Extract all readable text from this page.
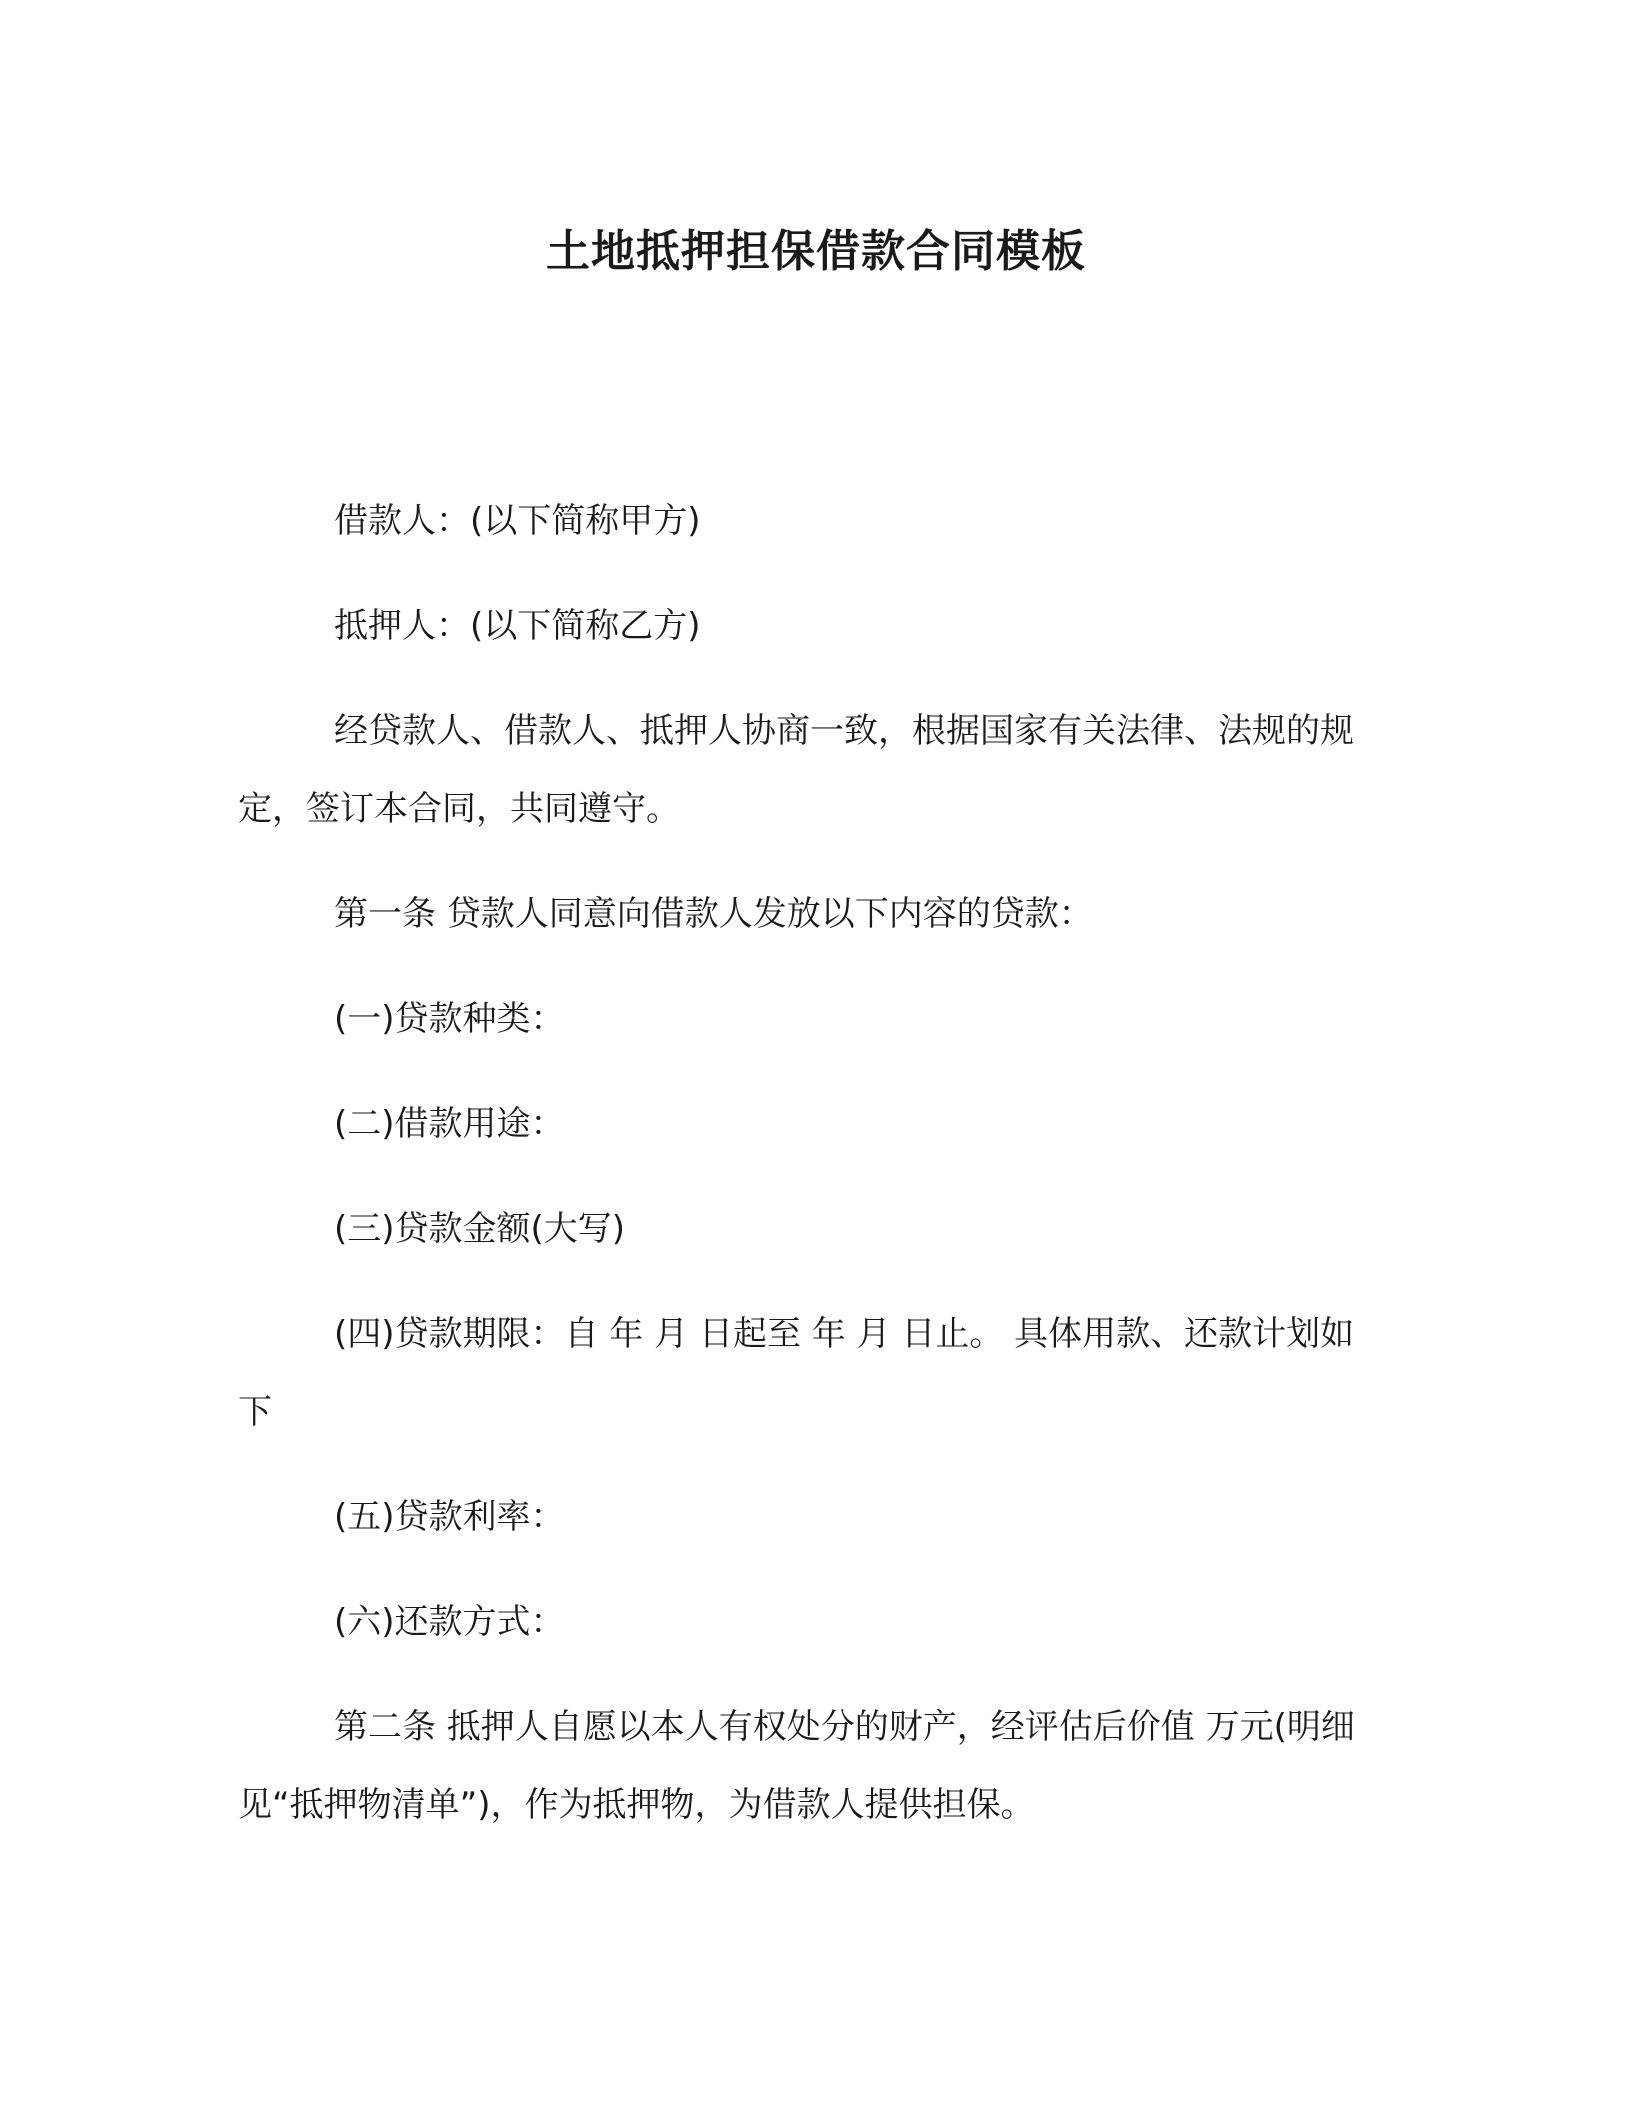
土地抵押担保借款合同模板

借款人：(以下简称甲方)

抵押人：(以下简称乙方)

经贷款人、借款人、抵押人协商一致，根据国家有关法律、法规的规定，签订本合同，共同遵守。

第一条 贷款人同意向借款人发放以下内容的贷款：

(一)贷款种类：

(二)借款用途：

(三)贷款金额(大写)

(四)贷款期限：自 年 月 日起至 年 月 日止。 具体用款、还款计划如下

(五)贷款利率：

(六)还款方式：

第二条 抵押人自愿以本人有权处分的财产，经评估后价值 万元(明细见“抵押物清单”)，作为抵押物，为借款人提供担保。
